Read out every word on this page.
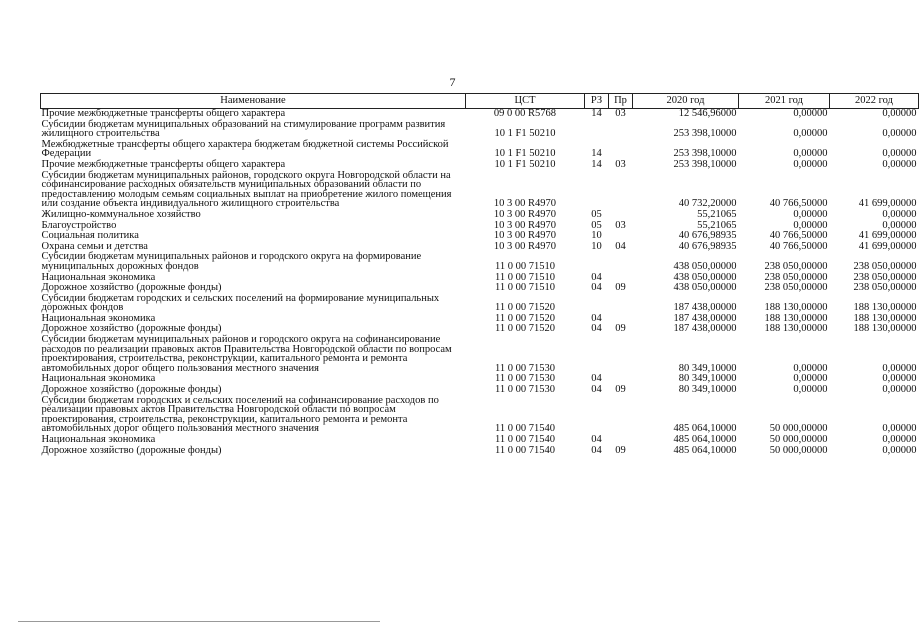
7
Наименование	ЦСТ	РЗ	Пр	2020 год	2021 год	2022 год
Прочие межбюджетные трансферты общего характера	09 0 00 R5768	14	03	12 546,96000	0,00000	0,00000
Субсидии бюджетам муниципальных образований на стимулирование программ развития жилищного строительства	10 1 F1 50210			253 398,10000	0,00000	0,00000
Межбюджетные трансферты общего характера бюджетам бюджетной системы Российской Федерации	10 1 F1 50210	14		253 398,10000	0,00000	0,00000
Прочие межбюджетные трансферты общего характера	10 1 F1 50210	14	03	253 398,10000	0,00000	0,00000
Субсидии бюджетам муниципальных районов, городского округа Новгородской области на софинансирование расходных обязательств муниципальных образований области по предоставлению молодым семьям социальных выплат на приобретение жилого помещения или создание объекта индивидуального жилищного строительства	10 3 00 R4970			40 732,20000	40 766,50000	41 699,00000
Жилищно-коммунальное хозяйство	10 3 00 R4970	05		55,21065	0,00000	0,00000
Благоустройство	10 3 00 R4970	05	03	55,21065	0,00000	0,00000
Социальная политика	10 3 00 R4970	10		40 676,98935	40 766,50000	41 699,00000
Охрана семьи и детства	10 3 00 R4970	10	04	40 676,98935	40 766,50000	41 699,00000
Субсидии бюджетам муниципальных районов и городского округа на формирование муниципальных дорожных фондов	11 0 00 71510			438 050,00000	238 050,00000	238 050,00000
Национальная экономика	11 0 00 71510	04		438 050,00000	238 050,00000	238 050,00000
Дорожное хозяйство (дорожные фонды)	11 0 00 71510	04	09	438 050,00000	238 050,00000	238 050,00000
Субсидии бюджетам городских и сельских поселений на формирование муниципальных дорожных фондов	11 0 00 71520			187 438,00000	188 130,00000	188 130,00000
Национальная экономика	11 0 00 71520	04		187 438,00000	188 130,00000	188 130,00000
Дорожное хозяйство (дорожные фонды)	11 0 00 71520	04	09	187 438,00000	188 130,00000	188 130,00000
Субсидии бюджетам муниципальных районов и городского округа на софинансирование расходов по реализации правовых актов Правительства Новгородской области по вопросам проектирования, строительства, реконструкции, капитального ремонта и ремонта автомобильных дорог общего пользования местного значения	11 0 00 71530			80 349,10000	0,00000	0,00000
Национальная экономика	11 0 00 71530	04		80 349,10000	0,00000	0,00000
Дорожное хозяйство (дорожные фонды)	11 0 00 71530	04	09	80 349,10000	0,00000	0,00000
Субсидии бюджетам городских и сельских поселений на софинансирование расходов по реализации правовых актов Правительства Новгородской области по вопросам проектирования, строительства, реконструкции, капитального ремонта и ремонта автомобильных дорог общего пользования местного значения	11 0 00 71540			485 064,10000	50 000,00000	0,00000
Национальная экономика	11 0 00 71540	04		485 064,10000	50 000,00000	0,00000
Дорожное хозяйство (дорожные фонды)	11 0 00 71540	04	09	485 064,10000	50 000,00000	0,00000
